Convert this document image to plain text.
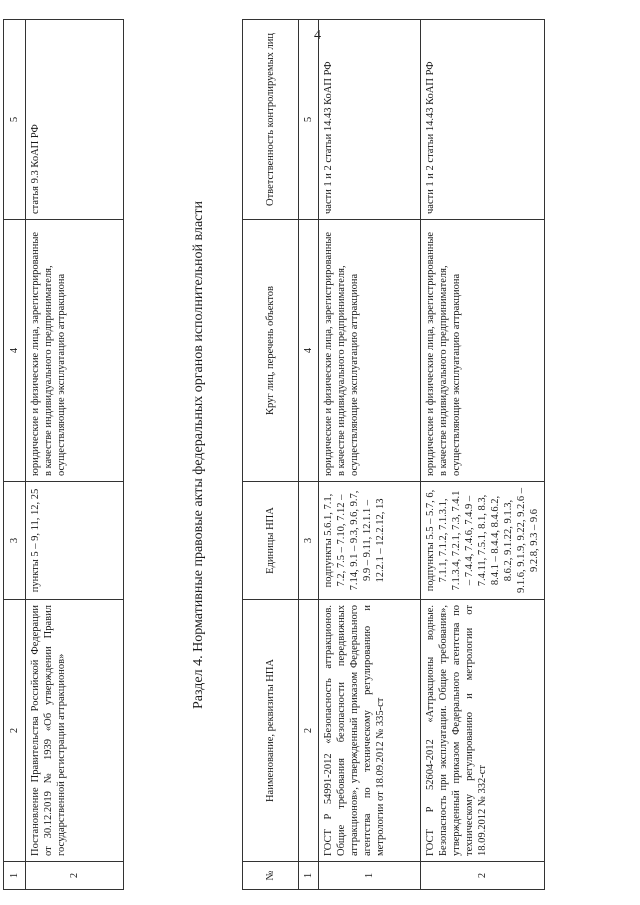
4
1	2	3	4	5
2	Постановление Правительства Российской Федерации от 30.12.2019 № 1939 «Об утверждении Правил государственной регистрации аттракционов»	пункты 5 – 9, 11, 12, 25	юридические и физические лица, зарегистрированные в качестве индивидуального предпринимателя, осуществляющие эксплуатацию аттракциона	статья 9.3 КоАП РФ
Раздел 4. Нормативные правовые акты федеральных органов исполнительной власти
№	Наименование, реквизиты НПА	Единицы НПА	Круг лиц, перечень объектов	Ответственность контролируемых лиц
1	2	3	4	5
1	ГОСТ Р 54991-2012 «Безопасность аттракционов. Общие требования безопасности передвижных аттракционов», утвержденный приказом Федерального агентства по техническому регулированию и метрологии от 18.09.2012 № 335-ст	подпункты 5.6.1, 7.1, 7.2, 7.5 – 7.10, 7.12 – 7.14, 9.1 – 9.3, 9.6, 9.7, 9.9 – 9.11, 12.1.1 – 12.2.1 – 12.2.12, 13	юридические и физические лица, зарегистрированные в качестве индивидуального предпринимателя, осуществляющие эксплуатацию аттракциона	части 1 и 2 статьи 14.43 КоАП РФ
2	ГОСТ Р 52604-2012 «Аттракционы водные. Безопасность при эксплуатации. Общие требования», утвержденный приказом Федерального агентства по техническому регулированию и метрологии от 18.09.2012 № 332-ст	подпункты 5.5 – 5.7, 6, 7.1.1, 7.1.2, 7.1.3.1, 7.1.3.4, 7.2.1, 7.3, 7.4.1 – 7.4.4, 7.4.6, 7.4.9 – 7.4.11, 7.5.1, 8.1, 8.3, 8.4.1 – 8.4.4, 8.4.6.2, 8.6.2, 9.1.22, 9.1.3, 9.1.6, 9.1.9, 9.22, 9.2.6 – 9.2.8, 9.3 – 9.6	юридические и физические лица, зарегистрированные в качестве индивидуального предпринимателя, осуществляющие эксплуатацию аттракциона	части 1 и 2 статьи 14.43 КоАП РФ
